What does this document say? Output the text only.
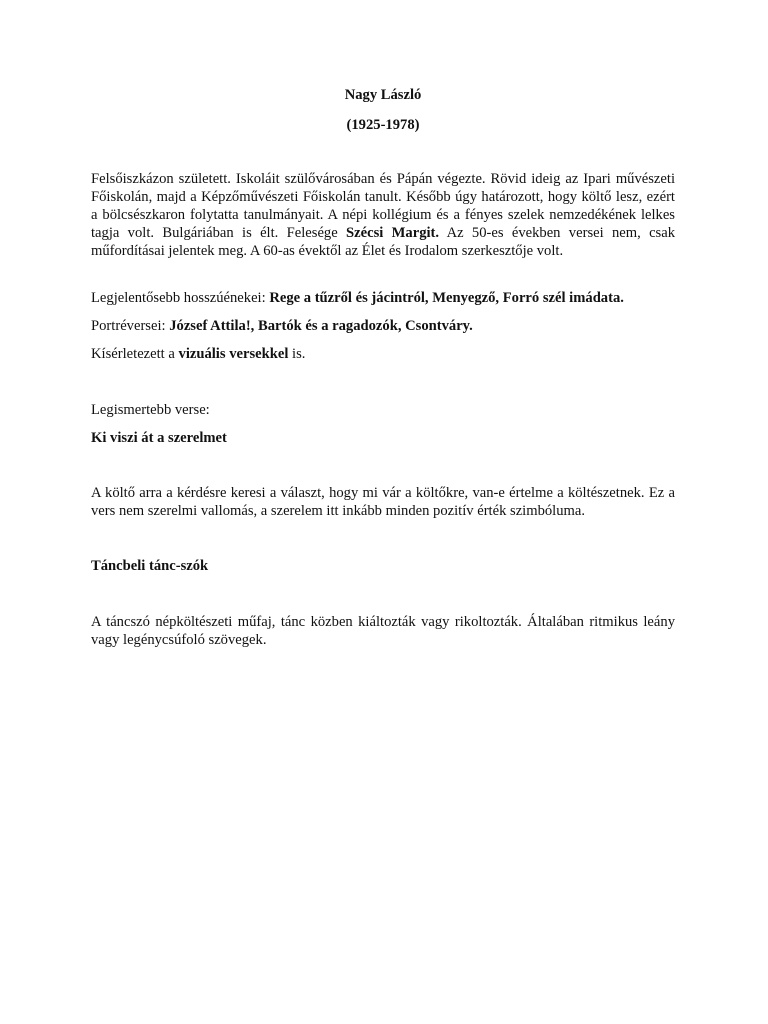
Nagy László

(1925-1978)

Felsőiszkázon született. Iskoláit szülővárosában és Pápán végezte. Rövid ideig az Ipari művészeti Főiskolán, majd a Képzőművészeti Főiskolán tanult. Később úgy határozott, hogy költő lesz, ezért a bölcsészkaron folytatta tanulmányait. A népi kollégium és a fényes szelek nemzedékének lelkes tagja volt. Bulgáriában is élt. Felesége Szécsi Margit. Az 50-es években versei nem, csak műfordításai jelentek meg. A 60-as évektől az Élet és Irodalom szerkesztője volt.

Legjelentősebb hosszúénekei: Rege a tűzről és jácintról, Menyegző, Forró szél imádata.

Portréversei: József Attila!, Bartók és a ragadozók, Csontváry.

Kísérletezett a vizuális versekkel is.

Legismertebb verse:

Ki viszi át a szerelmet

A költő arra a kérdésre keresi a választ, hogy mi vár a költőkre, van-e értelme a költészetnek. Ez a vers nem szerelmi vallomás, a szerelem itt inkább minden pozitív érték szimbóluma.

Táncbeli tánc-szók

A táncszó népköltészeti műfaj, tánc közben kiáltozták vagy rikoltozták. Általában ritmikus leány vagy legénycsúfoló szövegek.
